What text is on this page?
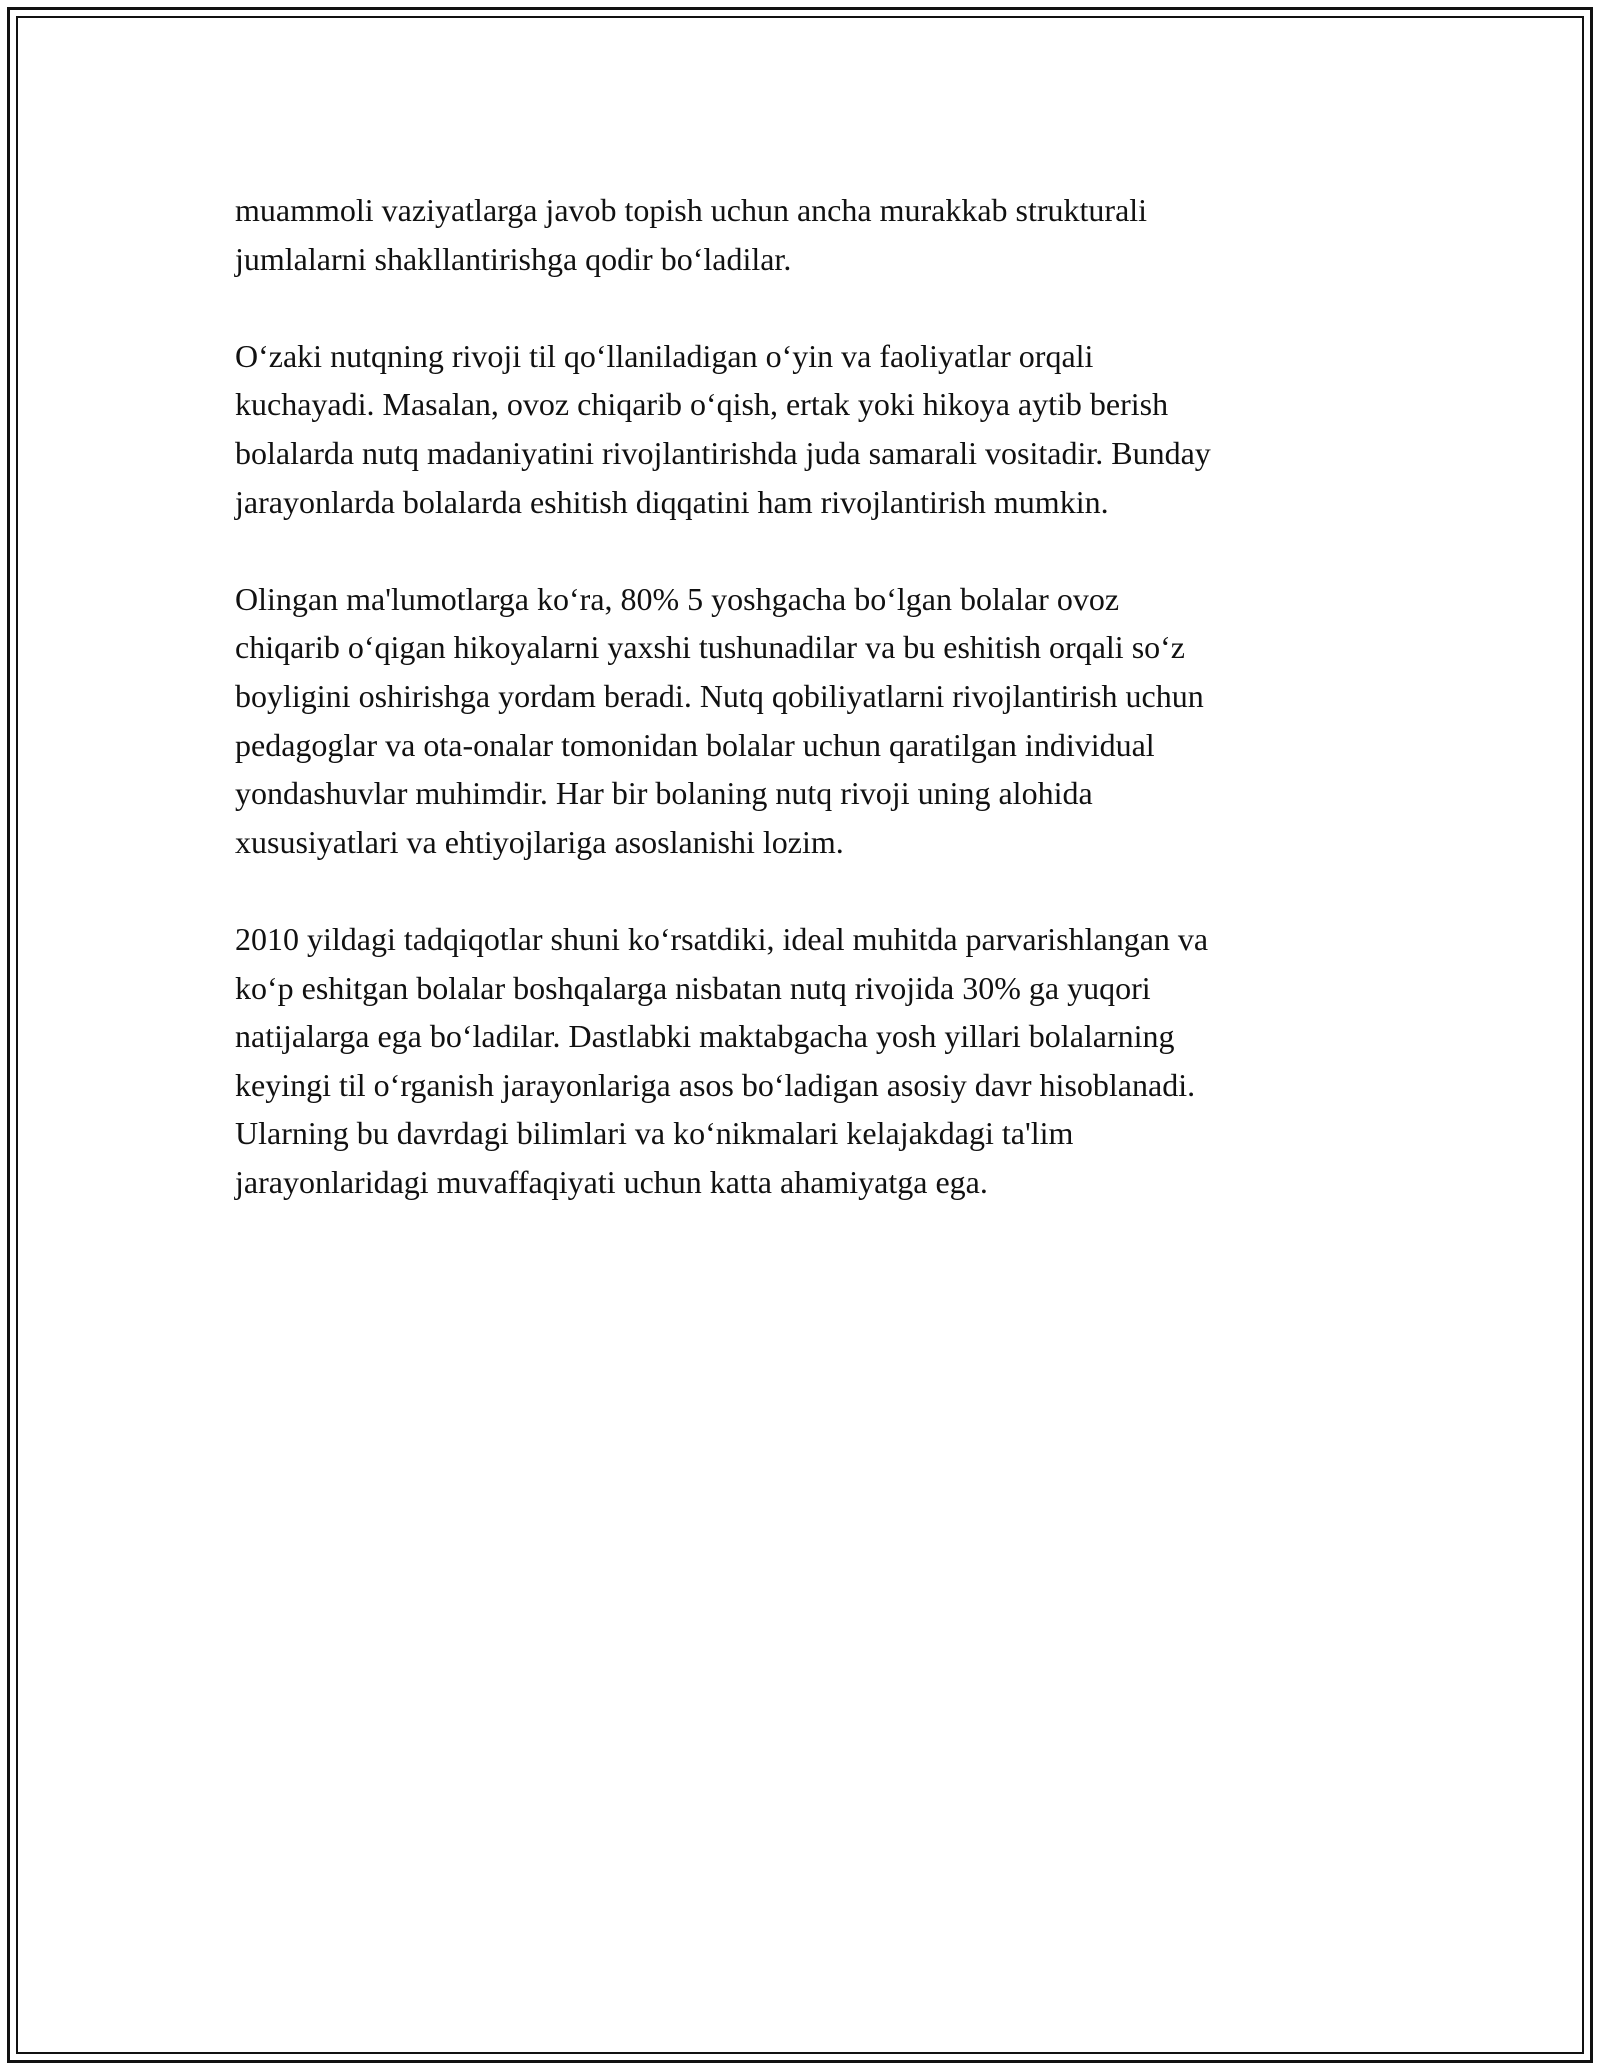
muammoli vaziyatlarga javob topish uchun ancha murakkab strukturali
jumlalarni shakllantirishga qodir bo‘ladilar.

O‘zaki nutqning rivoji til qo‘llaniladigan o‘yin va faoliyatlar orqali
kuchayadi. Masalan, ovoz chiqarib o‘qish, ertak yoki hikoya aytib berish
bolalarda nutq madaniyatini rivojlantirishda juda samarali vositadir. Bunday
jarayonlarda bolalarda eshitish diqqatini ham rivojlantirish mumkin.

Olingan ma'lumotlarga ko‘ra, 80% 5 yoshgacha bo‘lgan bolalar ovoz
chiqarib o‘qigan hikoyalarni yaxshi tushunadilar va bu eshitish orqali so‘z
boyligini oshirishga yordam beradi. Nutq qobiliyatlarni rivojlantirish uchun
pedagoglar va ota-onalar tomonidan bolalar uchun qaratilgan individual
yondashuvlar muhimdir. Har bir bolaning nutq rivoji uning alohida
xususiyatlari va ehtiyojlariga asoslanishi lozim.

2010 yildagi tadqiqotlar shuni ko‘rsatdiki, ideal muhitda parvarishlangan va
ko‘p eshitgan bolalar boshqalarga nisbatan nutq rivojida 30% ga yuqori
natijalarga ega bo‘ladilar. Dastlabki maktabgacha yosh yillari bolalarning
keyingi til o‘rganish jarayonlariga asos bo‘ladigan asosiy davr hisoblanadi.
Ularning bu davrdagi bilimlari va ko‘nikmalari kelajakdagi ta'lim
jarayonlaridagi muvaffaqiyati uchun katta ahamiyatga ega.
